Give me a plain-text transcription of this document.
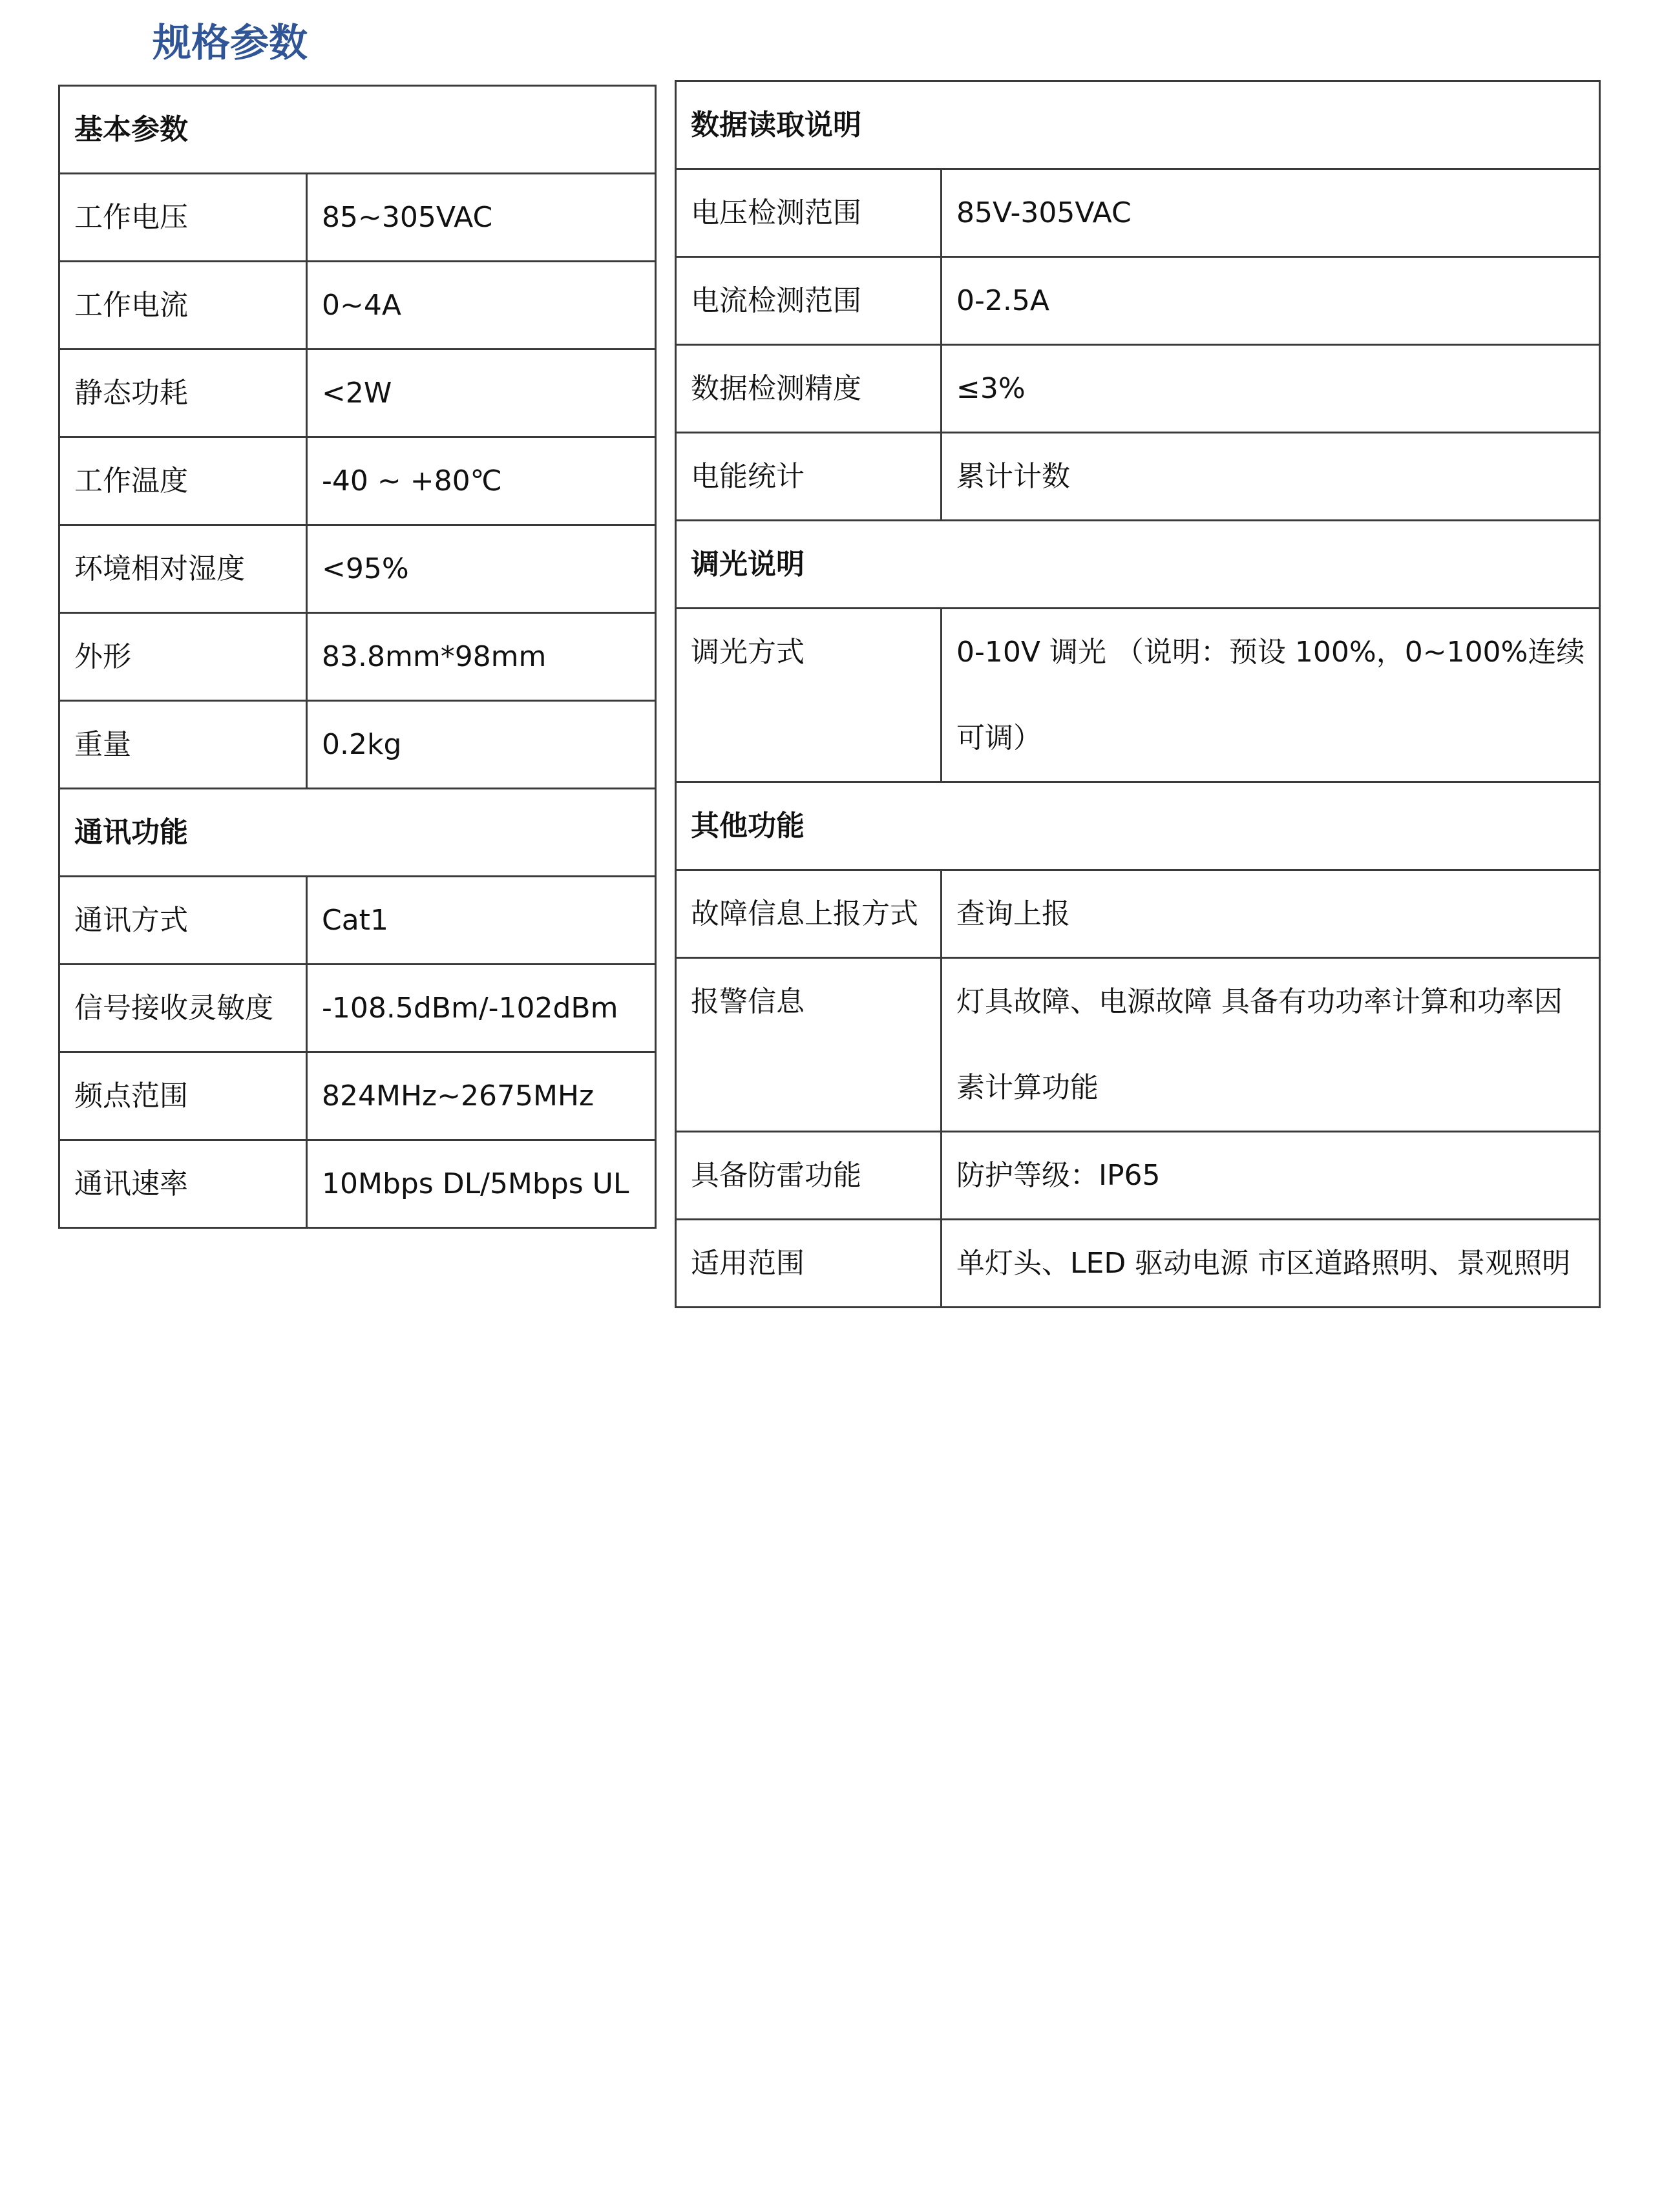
规格参数
基本参数	
工作电压	85~305VAC
工作电流	0~4A
静态功耗	<2W
工作温度	-40 ~ +80℃
环境相对湿度	<95%
外形	83.8mm*98mm
重量	0.2kg
通讯功能	
通讯方式	Cat1
信号接收灵敏度	-108.5dBm/-102dBm
频点范围	824MHz~2675MHz
通讯速率	10Mbps DL/5Mbps UL
数据读取说明	
电压检测范围	85V-305VAC
电流检测范围	0-2.5A
数据检测精度	≤3%
电能统计	累计计数
调光说明	
调光方式	0-10V 调光 （说明：预设 100%，0~100%连续可调）
其他功能	
故障信息上报方式	查询上报
报警信息	灯具故障、电源故障 具备有功功率计算和功率因素计算功能
具备防雷功能	防护等级：IP65
适用范围	单灯头、LED 驱动电源 市区道路照明、景观照明
